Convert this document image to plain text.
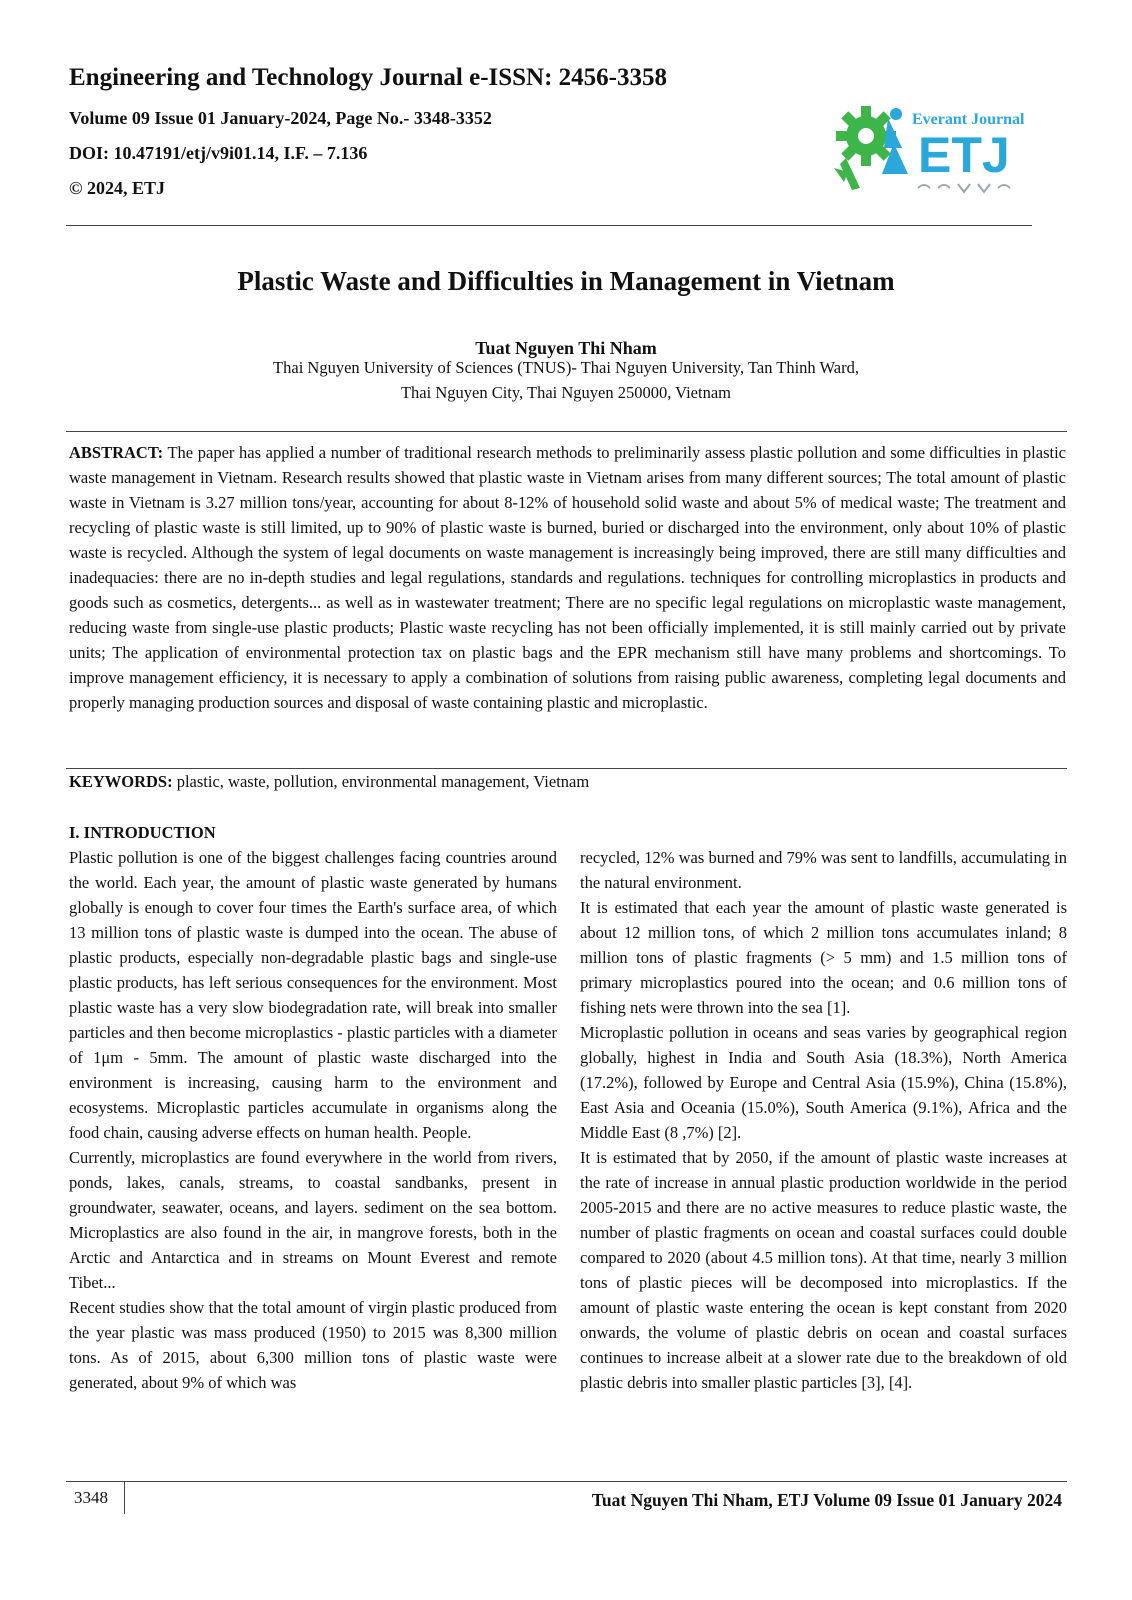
Engineering and Technology Journal e-ISSN: 2456-3358
Volume 09 Issue 01 January-2024, Page No.- 3348-3352
DOI: 10.47191/etj/v9i01.14, I.F. – 7.136
© 2024, ETJ
Everant Journal
ETJ
Plastic Waste and Difficulties in Management in Vietnam
Tuat Nguyen Thi Nham
Thai Nguyen University of Sciences (TNUS)- Thai Nguyen University, Tan Thinh Ward,
Thai Nguyen City, Thai Nguyen 250000, Vietnam

ABSTRACT: The paper has applied a number of traditional research methods to preliminarily assess plastic pollution and some difficulties in plastic waste management in Vietnam. Research results showed that plastic waste in Vietnam arises from many different sources; The total amount of plastic waste in Vietnam is 3.27 million tons/year, accounting for about 8-12% of household solid waste and about 5% of medical waste; The treatment and recycling of plastic waste is still limited, up to 90% of plastic waste is burned, buried or discharged into the environment, only about 10% of plastic waste is recycled. Although the system of legal documents on waste management is increasingly being improved, there are still many difficulties and inadequacies: there are no in-depth studies and legal regulations, standards and regulations. techniques for controlling microplastics in products and goods such as cosmetics, detergents... as well as in wastewater treatment; There are no specific legal regulations on microplastic waste management, reducing waste from single-use plastic products; Plastic waste recycling has not been officially implemented, it is still mainly carried out by private units; The application of environmental protection tax on plastic bags and the EPR mechanism still have many problems and shortcomings. To improve management efficiency, it is necessary to apply a combination of solutions from raising public awareness, completing legal documents and properly managing production sources and disposal of waste containing plastic and microplastic.

KEYWORDS: plastic, waste, pollution, environmental management, Vietnam

I. INTRODUCTION

Plastic pollution is one of the biggest challenges facing countries around the world. Each year, the amount of plastic waste generated by humans globally is enough to cover four times the Earth's surface area, of which 13 million tons of plastic waste is dumped into the ocean. The abuse of plastic products, especially non-degradable plastic bags and single-use plastic products, has left serious consequences for the environment. Most plastic waste has a very slow biodegradation rate, will break into smaller particles and then become microplastics - plastic particles with a diameter of 1μm - 5mm. The amount of plastic waste discharged into the environment is increasing, causing harm to the environment and ecosystems. Microplastic particles accumulate in organisms along the food chain, causing adverse effects on human health. People.

Currently, microplastics are found everywhere in the world from rivers, ponds, lakes, canals, streams, to coastal sandbanks, present in groundwater, seawater, oceans, and layers. sediment on the sea bottom. Microplastics are also found in the air, in mangrove forests, both in the Arctic and Antarctica and in streams on Mount Everest and remote Tibet...

Recent studies show that the total amount of virgin plastic produced from the year plastic was mass produced (1950) to 2015 was 8,300 million tons. As of 2015, about 6,300 million tons of plastic waste were generated, about 9% of which was

recycled, 12% was burned and 79% was sent to landfills, accumulating in the natural environment.

It is estimated that each year the amount of plastic waste generated is about 12 million tons, of which 2 million tons accumulates inland; 8 million tons of plastic fragments (> 5 mm) and 1.5 million tons of primary microplastics poured into the ocean; and 0.6 million tons of fishing nets were thrown into the sea [1].

Microplastic pollution in oceans and seas varies by geographical region globally, highest in India and South Asia (18.3%), North America (17.2%), followed by Europe and Central Asia (15.9%), China (15.8%), East Asia and Oceania (15.0%), South America (9.1%), Africa and the Middle East (8 ,7%) [2].

It is estimated that by 2050, if the amount of plastic waste increases at the rate of increase in annual plastic production worldwide in the period 2005-2015 and there are no active measures to reduce plastic waste, the number of plastic fragments on ocean and coastal surfaces could double compared to 2020 (about 4.5 million tons). At that time, nearly 3 million tons of plastic pieces will be decomposed into microplastics. If the amount of plastic waste entering the ocean is kept constant from 2020 onwards, the volume of plastic debris on ocean and coastal surfaces continues to increase albeit at a slower rate due to the breakdown of old plastic debris into smaller plastic particles [3], [4].

3348	Tuat Nguyen Thi Nham, ETJ Volume 09 Issue 01 January 2024
